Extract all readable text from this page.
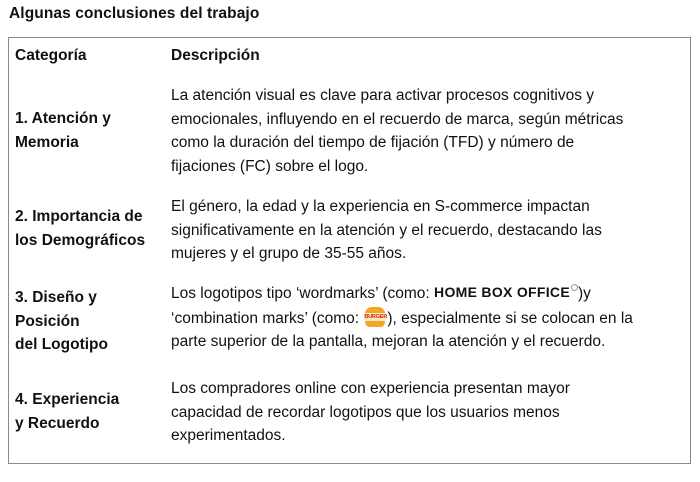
Algunas conclusiones del trabajo
Categoría	Descripción
1. Atención y
Memoria
La atención visual es clave para activar procesos cognitivos y
emocionales, influyendo en el recuerdo de marca, según métricas
como la duración del tiempo de fijación (TFD) y número de
fijaciones (FC) sobre el logo.
2. Importancia de
los Demográficos
El género, la edad y la experiencia en S-commerce impactan
significativamente en la atención y el recuerdo, destacando las
mujeres y el grupo de 35-55 años.
3. Diseño y
Posición
del Logotipo
Los logotipos tipo ‘wordmarks’ (como: HOME BOX OFFICE )y
‘combination marks’ (como: BURGER ), especialmente si se colocan en la
parte superior de la pantalla, mejoran la atención y el recuerdo.
4. Experiencia
y Recuerdo
Los compradores online con experiencia presentan mayor
capacidad de recordar logotipos que los usuarios menos
experimentados.
